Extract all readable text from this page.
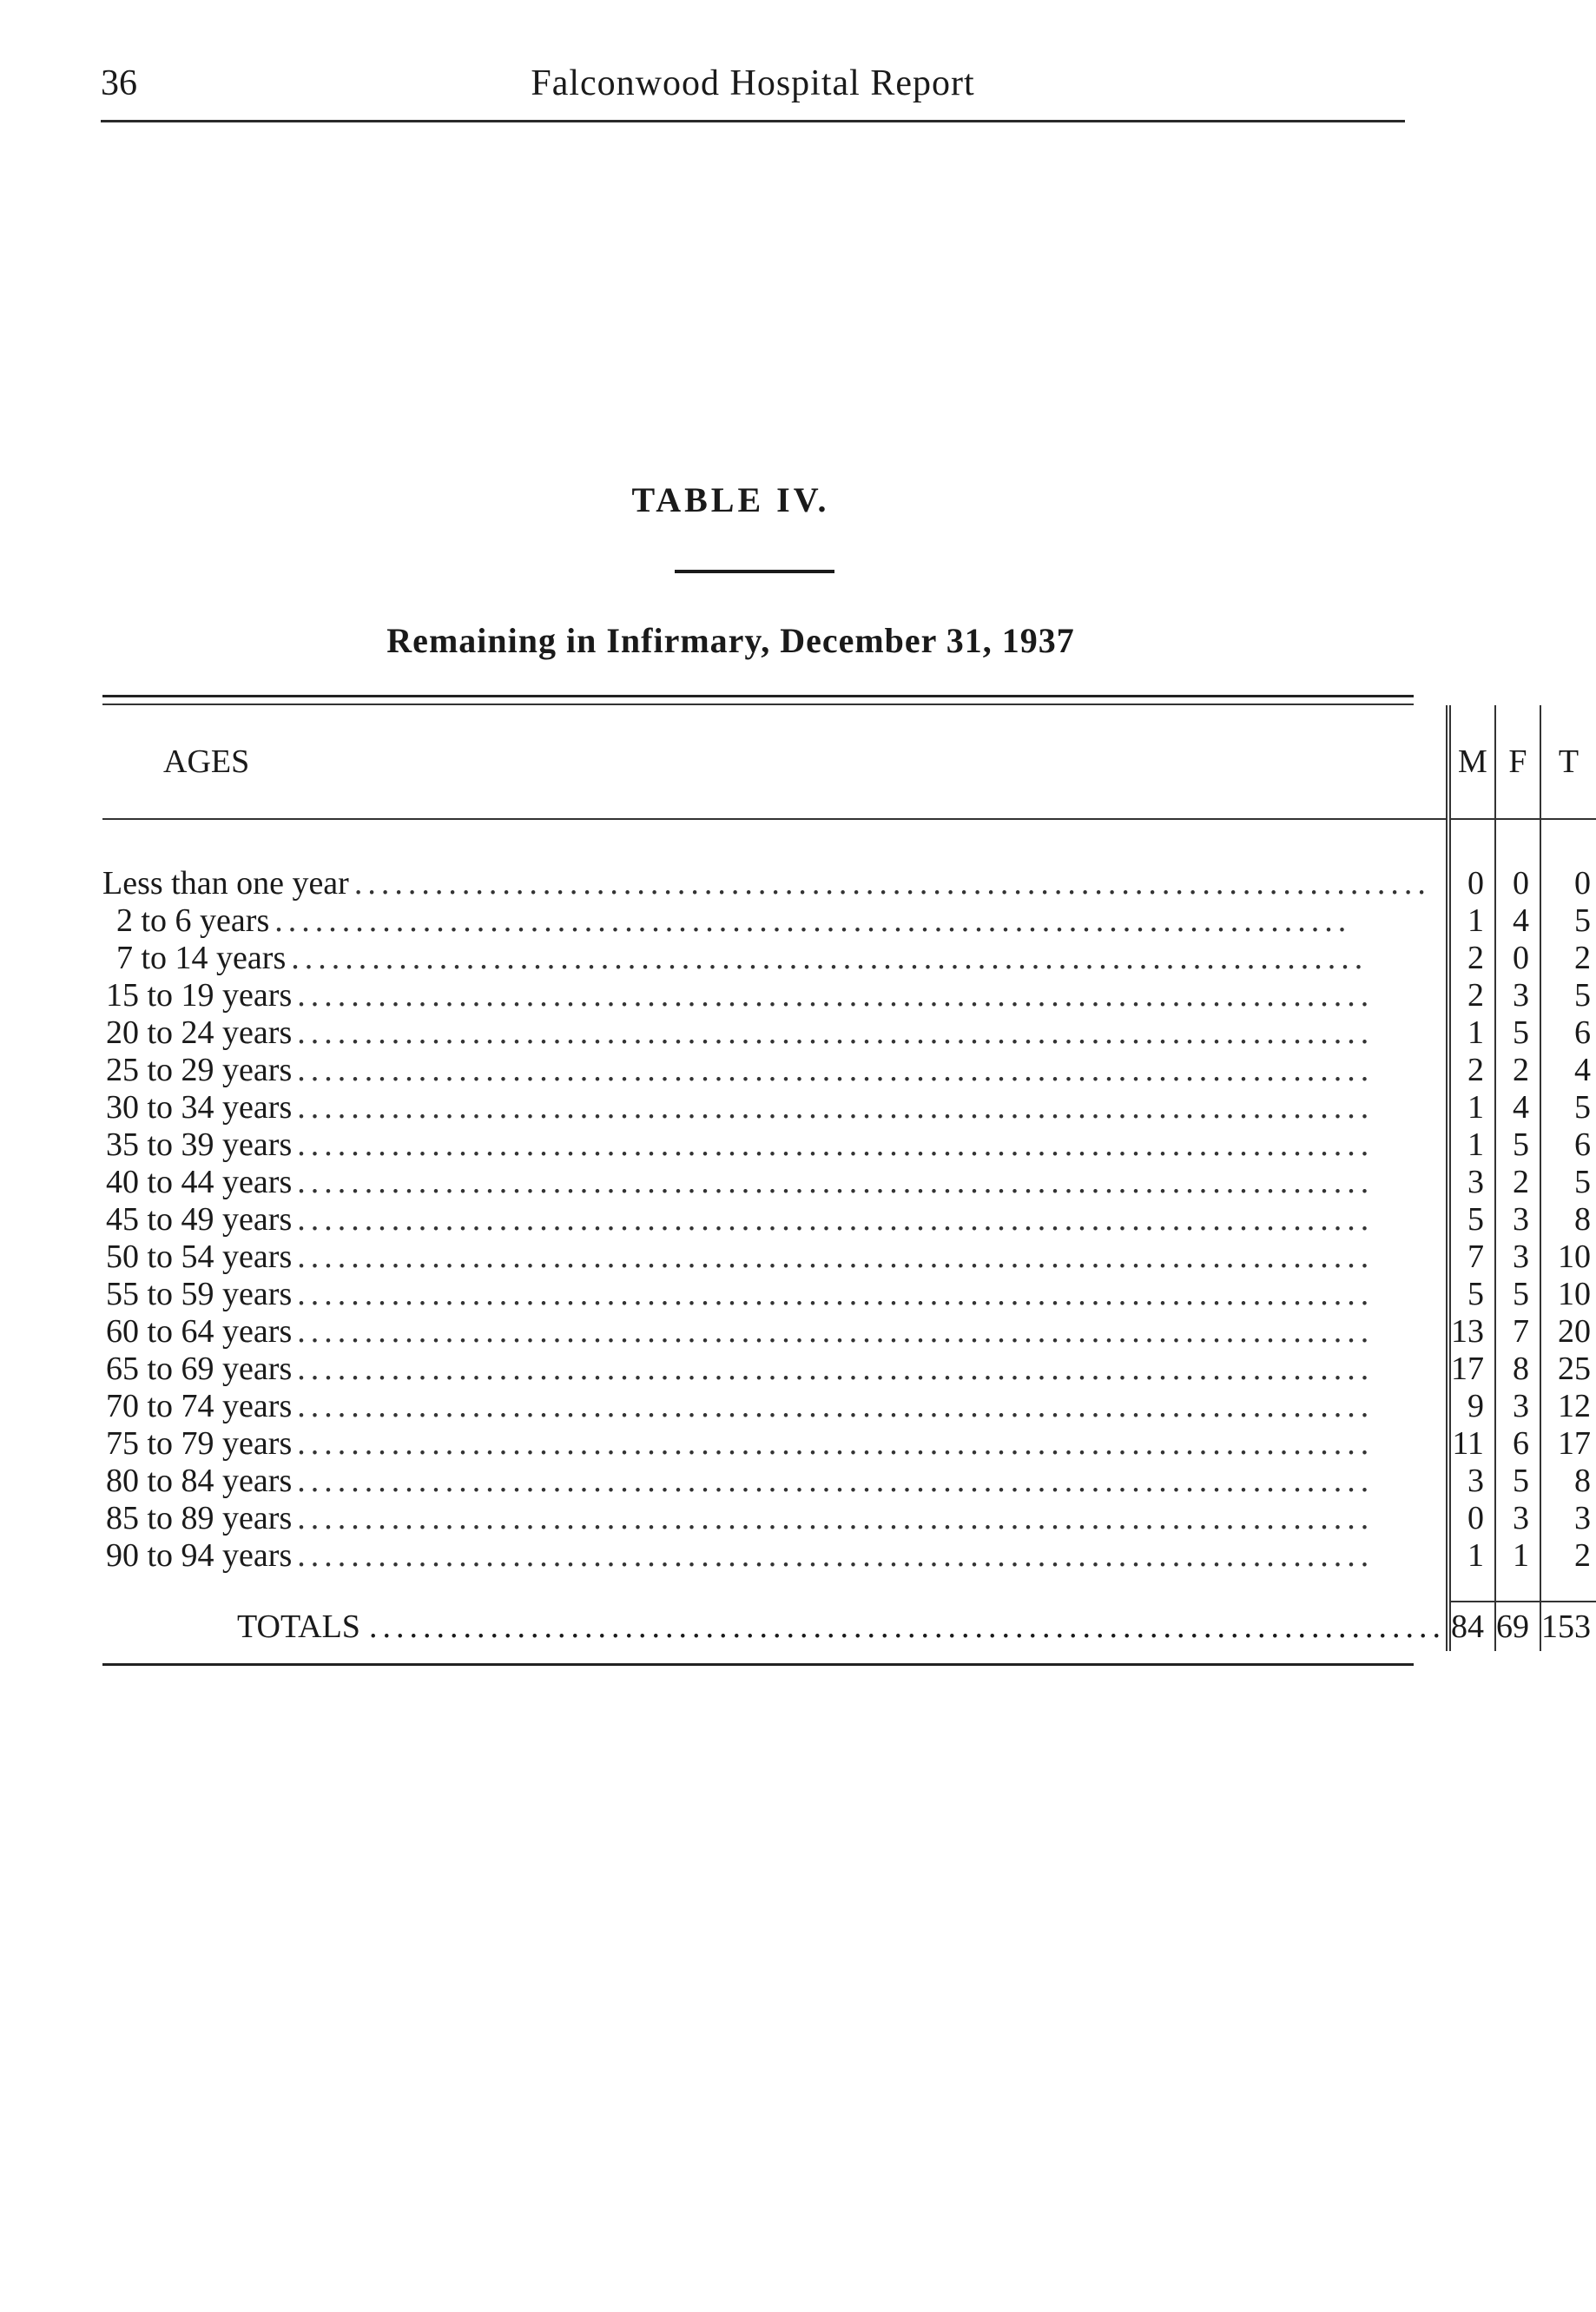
36	Falconwood Hospital Report
TABLE IV.
Remaining in Infirmary, December 31, 1937
AGES	M	F	T

Less than one year ................................................................................	0	0	0
2 to 6 years ................................................................................	1	4	5
7 to 14 years ................................................................................	2	0	2
15 to 19 years ................................................................................	2	3	5
20 to 24 years ................................................................................	1	5	6
25 to 29 years ................................................................................	2	2	4
30 to 34 years ................................................................................	1	4	5
35 to 39 years ................................................................................	1	5	6
40 to 44 years ................................................................................	3	2	5
45 to 49 years ................................................................................	5	3	8
50 to 54 years ................................................................................	7	3	10
55 to 59 years ................................................................................	5	5	10
60 to 64 years ................................................................................	13	7	20
65 to 69 years ................................................................................	17	8	25
70 to 74 years ................................................................................	9	3	12
75 to 79 years ................................................................................	11	6	17
80 to 84 years ................................................................................	3	5	8
85 to 89 years ................................................................................	0	3	3
90 to 94 years ................................................................................	1	1	2

TOTALS ................................................................................	84	69	153
